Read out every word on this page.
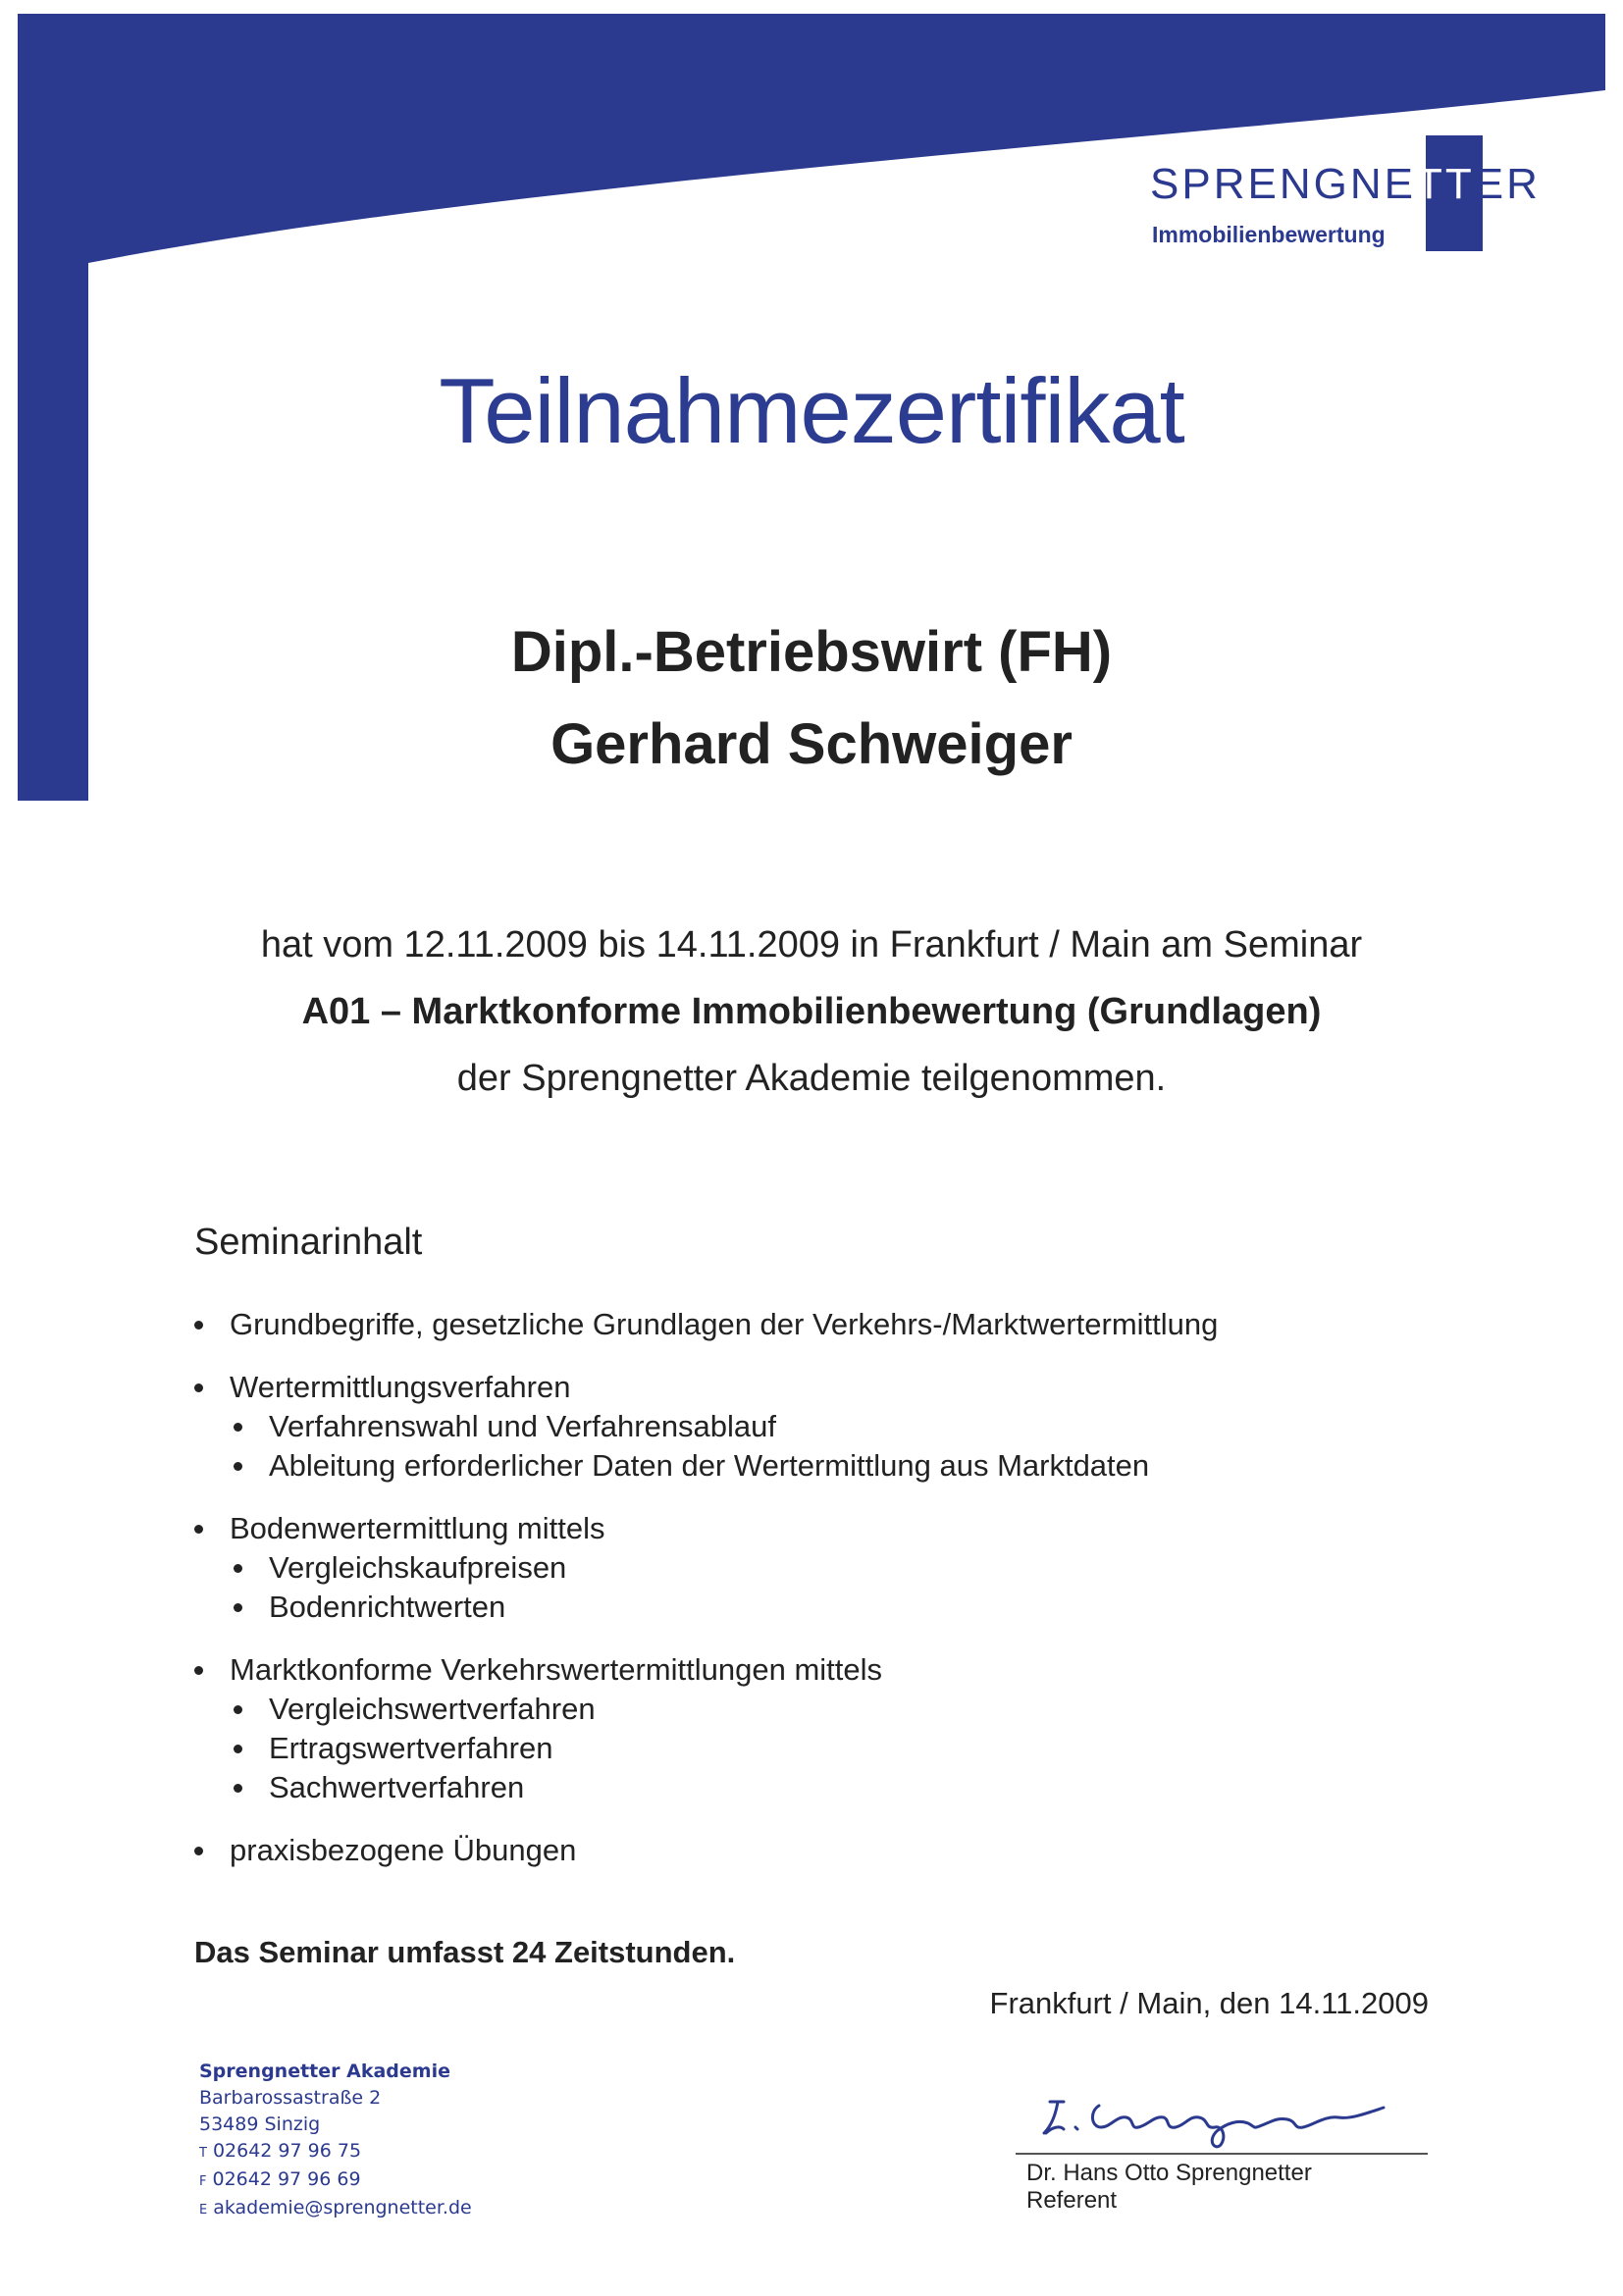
SPRENGNETTER
Immobilienbewertung
Teilnahmezertifikat
Dipl.-Betriebswirt (FH)
Gerhard Schweiger
hat vom 12.11.2009 bis 14.11.2009 in Frankfurt / Main am Seminar
A01 – Marktkonforme Immobilienbewertung (Grundlagen)
der Sprengnetter Akademie teilgenommen.
Seminarinhalt
Grundbegriffe, gesetzliche Grundlagen der Verkehrs-/Marktwertermittlung
Wertermittlungsverfahren
Verfahrenswahl und Verfahrensablauf
Ableitung erforderlicher Daten der Wertermittlung aus Marktdaten
Bodenwertermittlung mittels
Vergleichskaufpreisen
Bodenrichtwerten
Marktkonforme Verkehrswertermittlungen mittels
Vergleichswertverfahren
Ertragswertverfahren
Sachwertverfahren
praxisbezogene Übungen
Das Seminar umfasst 24 Zeitstunden.
Frankfurt / Main, den 14.11.2009
Sprengnetter Akademie
Barbarossastraße 2
53489 Sinzig
T 02642 97 96 75
F 02642 97 96 69
E akademie@sprengnetter.de
Dr. Hans Otto Sprengnetter
Referent
